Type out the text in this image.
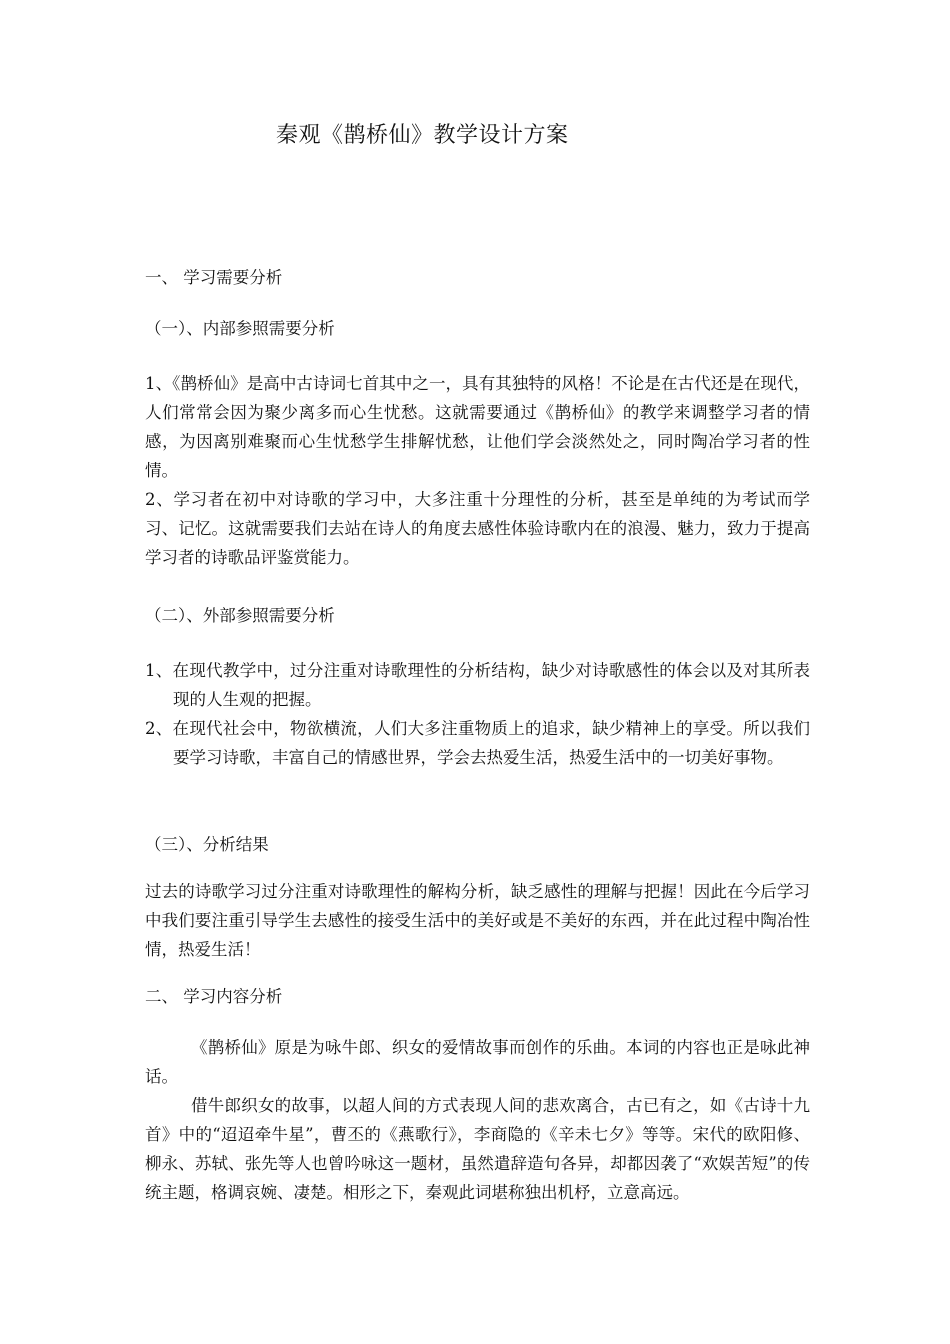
秦观《鹊桥仙》教学设计方案
一、 学习需要分析
（一）、内部参照需要分析

1、《鹊桥仙》是高中古诗词七首其中之一，具有其独特的风格！不论是在古代还是在现代，人们常常会因为聚少离多而心生忧愁。这就需要通过《鹊桥仙》的教学来调整学习者的情感，为因离别难聚而心生忧愁学生排解忧愁，让他们学会淡然处之，同时陶冶学习者的性情。

2、学习者在初中对诗歌的学习中，大多注重十分理性的分析，甚至是单纯的为考试而学习、记忆。这就需要我们去站在诗人的角度去感性体验诗歌内在的浪漫、魅力，致力于提高学习者的诗歌品评鉴赏能力。

（二）、外部参照需要分析

1、在现代教学中，过分注重对诗歌理性的分析结构，缺少对诗歌感性的体会以及对其所表现的人生观的把握。

2、在现代社会中，物欲横流，人们大多注重物质上的追求，缺少精神上的享受。所以我们要学习诗歌，丰富自己的情感世界，学会去热爱生活，热爱生活中的一切美好事物。

（三）、分析结果

过去的诗歌学习过分注重对诗歌理性的解构分析，缺乏感性的理解与把握！因此在今后学习中我们要注重引导学生去感性的接受生活中的美好或是不美好的东西，并在此过程中陶冶性情，热爱生活！

二、 学习内容分析

《鹊桥仙》原是为咏牛郎、织女的爱情故事而创作的乐曲。本词的内容也正是咏此神话。

借牛郎织女的故事，以超人间的方式表现人间的悲欢离合，古已有之，如《古诗十九首》中的“迢迢牵牛星”，曹丕的《燕歌行》，李商隐的《辛未七夕》等等。宋代的欧阳修、柳永、苏轼、张先等人也曾吟咏这一题材，虽然遣辞造句各异，却都因袭了“欢娱苦短”的传统主题，格调哀婉、凄楚。相形之下，秦观此词堪称独出机杼，立意高远。
